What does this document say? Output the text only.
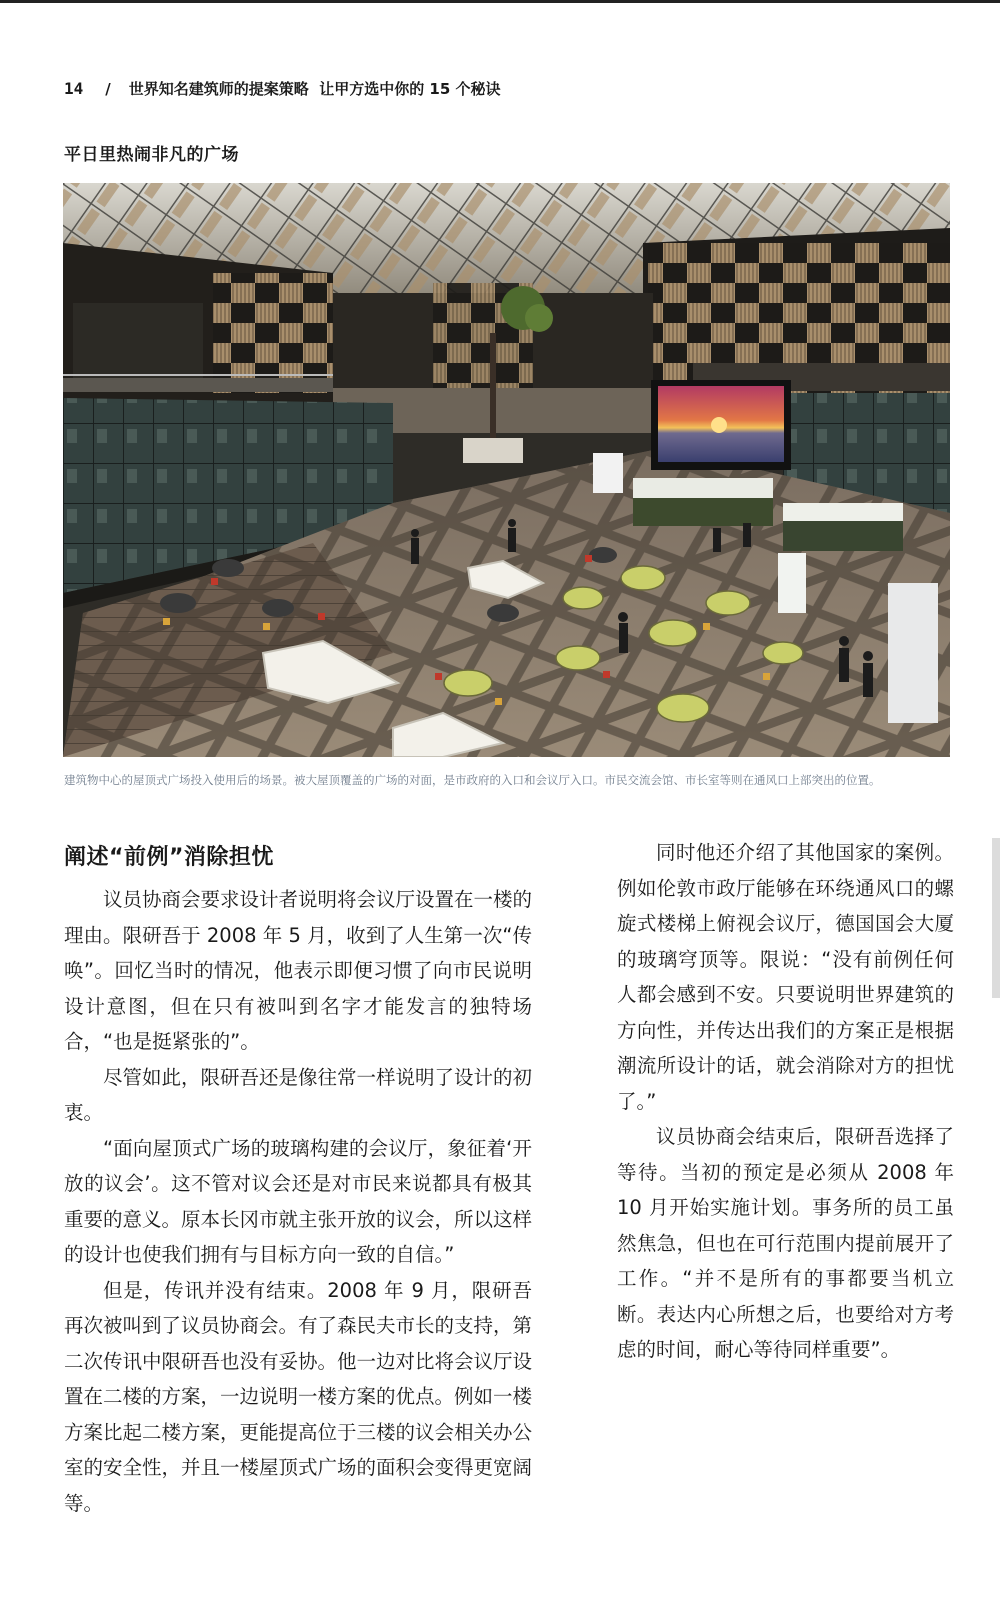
14 / 世界知名建筑师的提案策略  让甲方选中你的 15 个秘诀
平日里热闹非凡的广场
建筑物中心的屋顶式广场投入使用后的场景。被大屋顶覆盖的广场的对面，是市政府的入口和会议厅入口。市民交流会馆、市长室等则在通风口上部突出的位置。
阐述“前例”消除担忧

议员协商会要求设计者说明将会议厅设置在一楼的理由。限研吾于 2008 年 5 月，收到了人生第一次“传唤”。回忆当时的情况，他表示即便习惯了向市民说明设计意图，但在只有被叫到名字才能发言的独特场合，“也是挺紧张的”。

尽管如此，限研吾还是像往常一样说明了设计的初衷。

“面向屋顶式广场的玻璃构建的会议厅，象征着‘开放的议会’。这不管对议会还是对市民来说都具有极其重要的意义。原本长冈市就主张开放的议会，所以这样的设计也使我们拥有与目标方向一致的自信。”

但是，传讯并没有结束。2008 年 9 月，限研吾再次被叫到了议员协商会。有了森民夫市长的支持，第二次传讯中限研吾也没有妥协。他一边对比将会议厅设置在二楼的方案，一边说明一楼方案的优点。例如一楼方案比起二楼方案，更能提高位于三楼的议会相关办公室的安全性，并且一楼屋顶式广场的面积会变得更宽阔等。

同时他还介绍了其他国家的案例。例如伦敦市政厅能够在环绕通风口的螺旋式楼梯上俯视会议厅，德国国会大厦的玻璃穹顶等。限说：“没有前例任何人都会感到不安。只要说明世界建筑的方向性，并传达出我们的方案正是根据潮流所设计的话，就会消除对方的担忧了。”

议员协商会结束后，限研吾选择了等待。当初的预定是必须从 2008 年 10 月开始实施计划。事务所的员工虽然焦急，但也在可行范围内提前展开了工作。“并不是所有的事都要当机立断。表达内心所想之后，也要给对方考虑的时间，耐心等待同样重要”。
